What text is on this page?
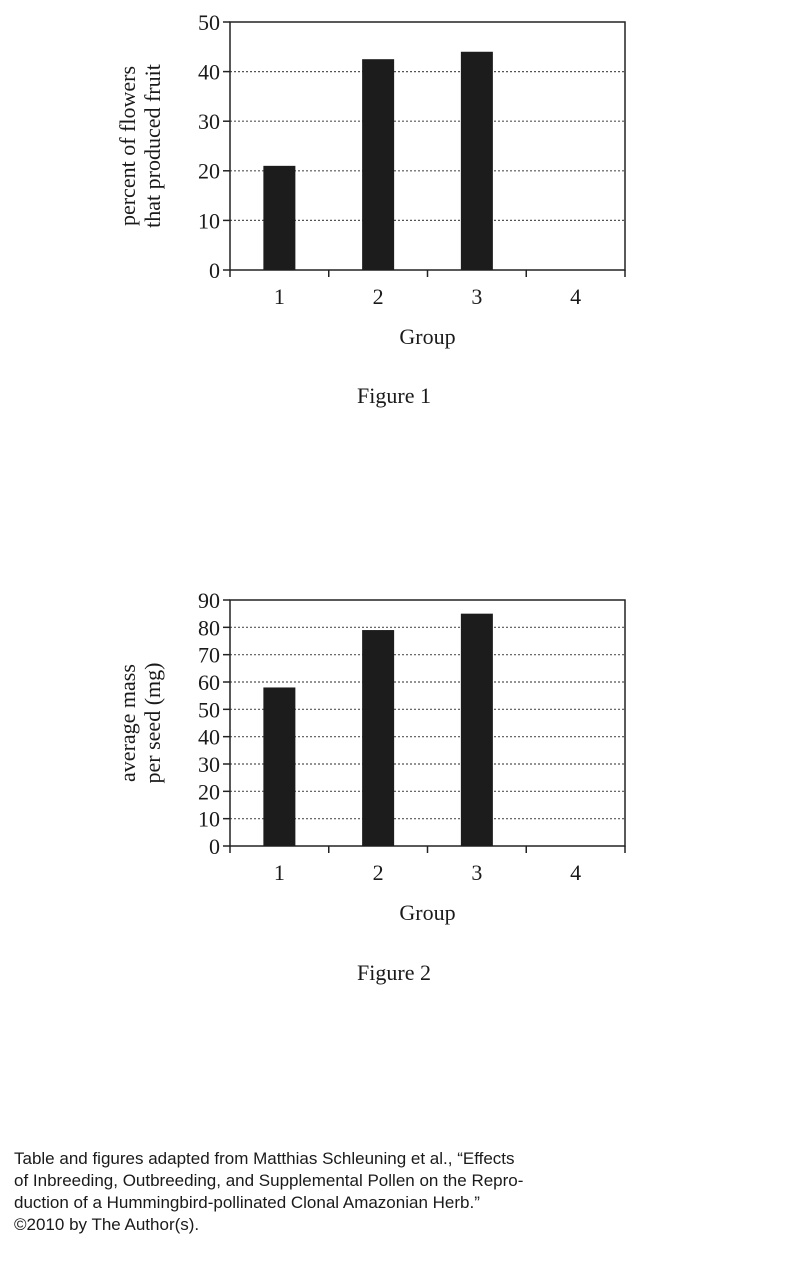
0
10
20
30
40
50
1	2	3	4
Group
percent of flowers that produced fruit
Figure 1
0
10
20
30
40
50
60
70
80
90
1	2	3	4
Group
average mass per seed (mg)
Figure 2
Table and figures adapted from Matthias Schleuning et al., “Effects
of Inbreeding, Outbreeding, and Supplemental Pollen on the Repro-
duction of a Hummingbird-pollinated Clonal Amazonian Herb.”
©2010 by The Author(s).
